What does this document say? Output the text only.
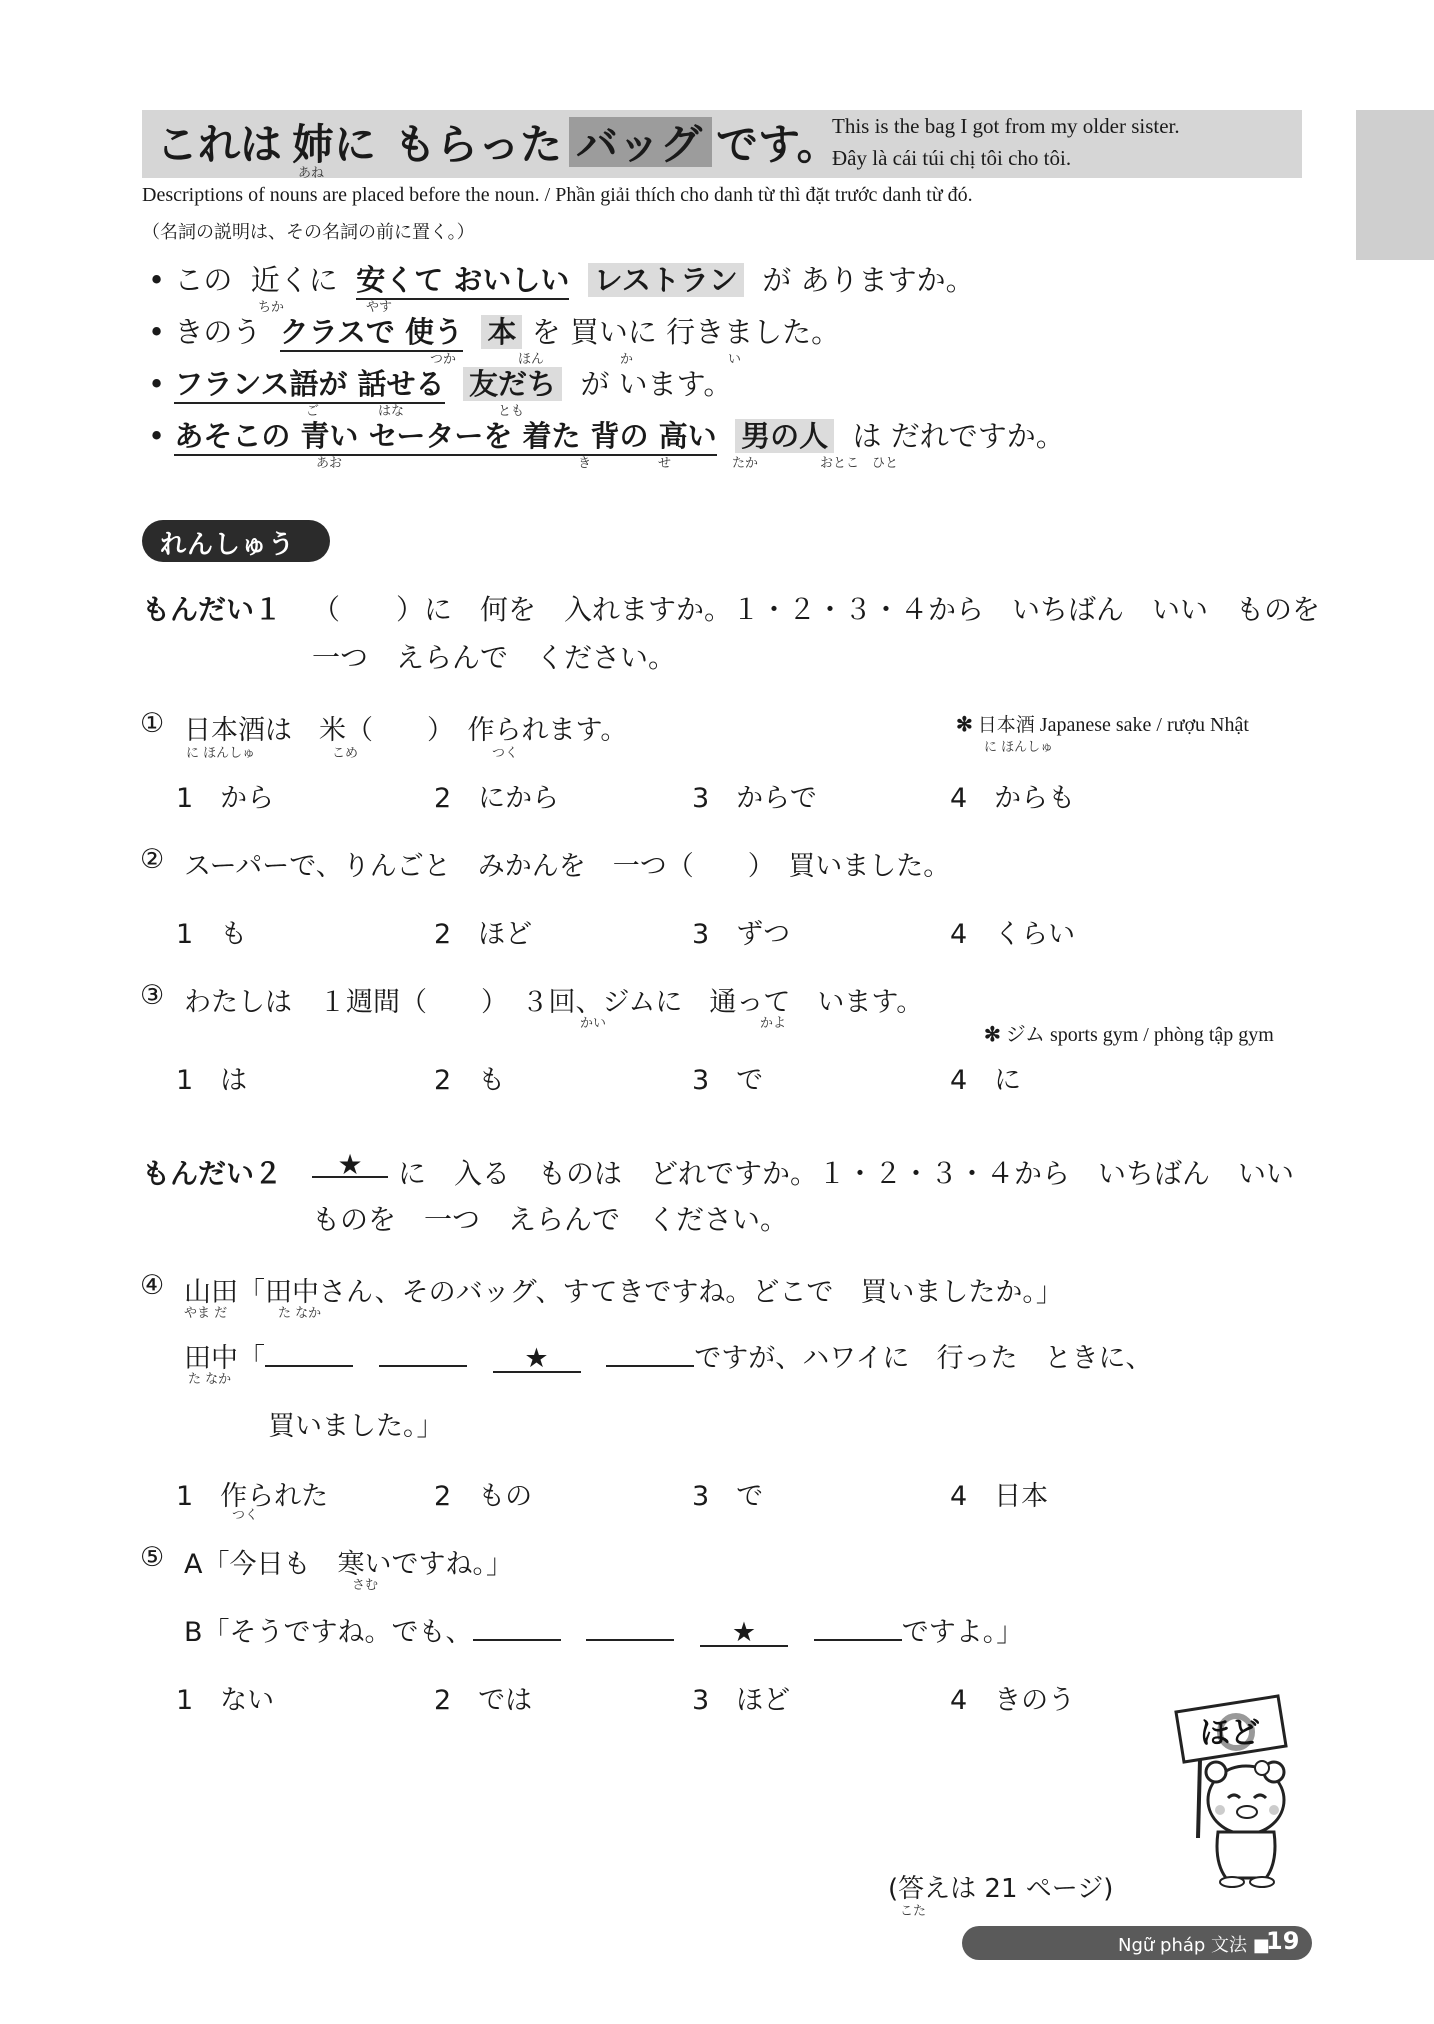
これは 姉に
あね
もらった バッグ です。
This is the bag I got from my older sister.
Đây là cái túi chị tôi cho tôi.
Descriptions of nouns are placed before the noun. / Phần giải thích cho danh từ thì đặt trước danh từ đó.
（名詞の説明は、その名詞の前に置く。）
• この 近くに 安くて おいしい レストラン が ありますか。
ちか	やす
• きのう クラスで 使う 本 を 買いに 行きました。
つか	ほん	か	い
• フランス語が 話せる 友だち が います。
ご	はな	とも
• あそこの 青い セーターを 着た 背の 高い 男の人 は だれですか。
あお	き	せ	たか	おとこ　ひと
れんしゅう
もんだい１ （　　）に　何を　入れますか。１・２・３・４から　いちばん　いい　ものを
一つ　えらんで　ください。
① 日本酒は　米（　　）　作られます。
に ほんしゅ	こめ	つく
✻ 日本酒 Japanese sake / rượu Nhật
に ほんしゅ
1　から	2　にから	3　からで	4　からも
② スーパーで、りんごと　みかんを　一つ（　　）　買いました。
1　も	2　ほど	3　ずつ	4　くらい
③ わたしは　１週間（　　）　３回、ジムに　通って　います。
かい	かよ
✻ ジム sports gym / phòng tập gym
1　は	2　も	3　で	4　に
もんだい２	★	に　入る　ものは　どれですか。１・２・３・４から　いちばん　いい
ものを　一つ　えらんで　ください。
④ 山田「田中さん、そのバッグ、すてきですね。どこで　買いましたか。」
やま だ	た なか
田中「	★	ですが、ハワイに　行った　ときに、
た なか
買いました。」
1　作られた
つく
2　もの	3　で	4　日本
⑤ A「今日も　寒いですね。」
さむ
B「そうですね。でも、	★	ですよ。」
1　ない	2　では	3　ほど	4　きのう
ほど
(答えは 21 ページ)
こた
Ngữ pháp 文法 ■
19
